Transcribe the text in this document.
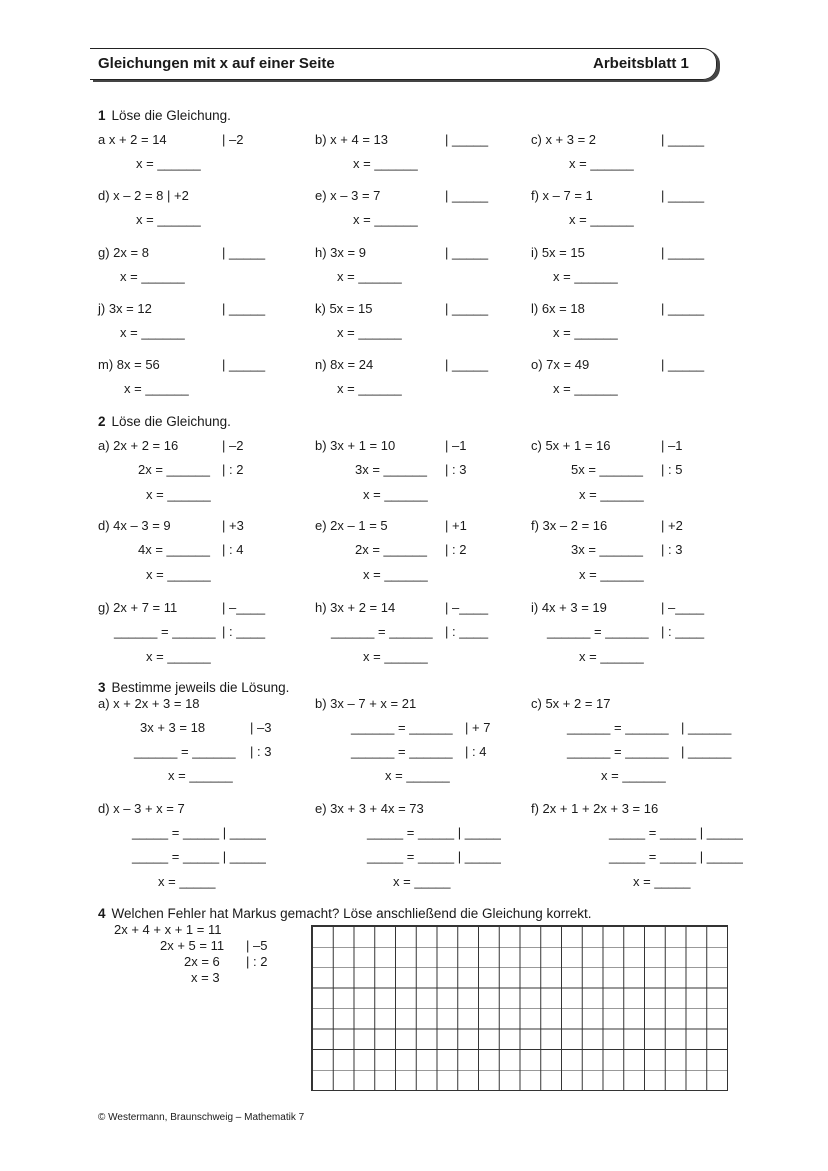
Gleichungen mit x auf einer Seite	Arbeitsblatt 1
1 Löse die Gleichung.
a x + 2 = 14	| –2
x = ______
b) x + 4 = 13	| _____
x = ______
c) x + 3 = 2	| _____
x = ______
d) x – 2 = 8 | +2
x = ______
e) x – 3 = 7	| _____
x = ______
f) x – 7 = 1	| _____
x = ______
g) 2x = 8	| _____
x = ______
h) 3x = 9	| _____
x = ______
i) 5x = 15	| _____
x = ______
j) 3x = 12	| _____
x = ______
k) 5x = 15	| _____
x = ______
l) 6x = 18	| _____
x = ______
m) 8x = 56	| _____
x = ______
n) 8x = 24	| _____
x = ______
o) 7x = 49	| _____
x = ______
2 Löse die Gleichung.
a) 2x + 2 = 16	| –2
2x = ______ | : 2
x = ______
b) 3x + 1 = 10	| –1
3x = ______ | : 3
x = ______
c) 5x + 1 = 16	| –1
5x = ______ | : 5
x = ______
d) 4x – 3 = 9	| +3
4x = ______ | : 4
x = ______
e) 2x – 1 = 5	| +1
2x = ______ | : 2
x = ______
f) 3x – 2 = 16	| +2
3x = ______ | : 3
x = ______
g) 2x + 7 = 11	| –____
______ = ______ | : ____
x = ______
h) 3x + 2 = 14	| –____
______ = ______ | : ____
x = ______
i) 4x + 3 = 19	| –____
______ = ______ | : ____
x = ______
3 Bestimme jeweils die Lösung.
a) x + 2x + 3 = 18
3x + 3 = 18	| –3
______ = ______ | : 3
x = ______
b) 3x – 7 + x = 21
______ = ______ | + 7
______ = ______ | : 4
x = ______
c) 5x + 2 = 17
______ = ______ | ______
______ = ______ | ______
x = ______
d) x – 3 + x = 7
_____ = _____ | _____
_____ = _____ | _____
x = _____
e) 3x + 3 + 4x = 73
_____ = _____ | _____
_____ = _____ | _____
x = _____
f) 2x + 1 + 2x + 3 = 16
_____ = _____ | _____
_____ = _____ | _____
x = _____
4 Welchen Fehler hat Markus gemacht? Löse anschließend die Gleichung korrekt.
2x + 4 + x + 1 = 11
2x + 5 = 11 | –5
2x = 6 | : 2
x = 3
© Westermann, Braunschweig – Mathematik 7
